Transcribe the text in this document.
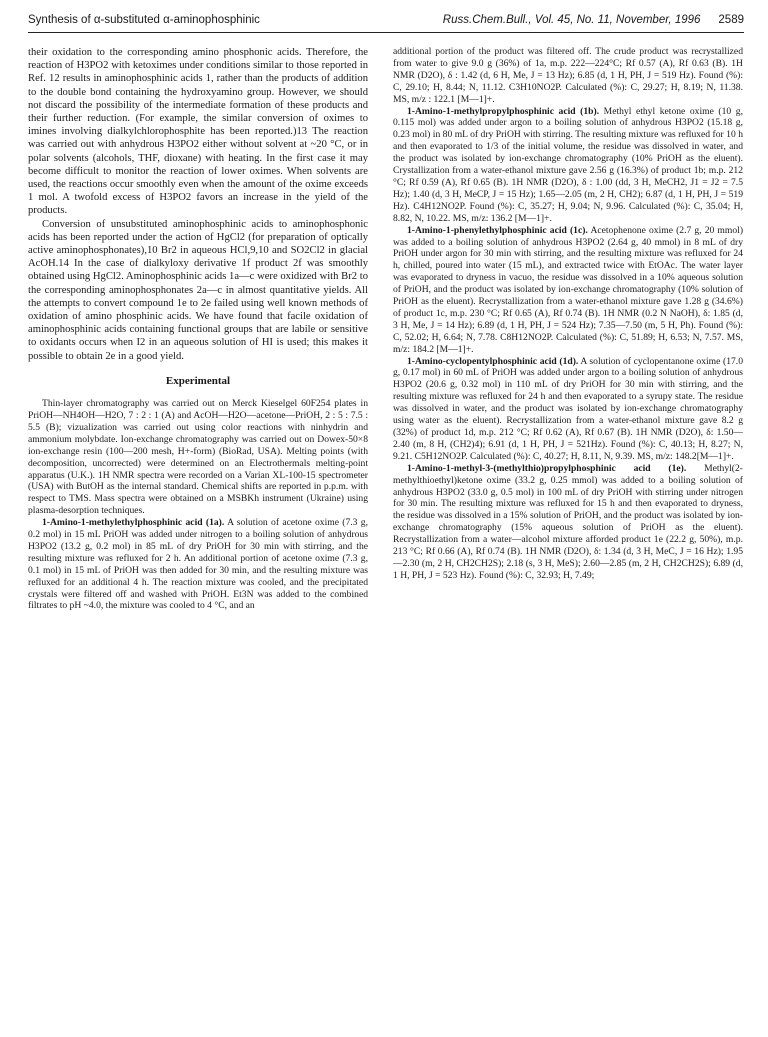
Synthesis of α-substituted α-aminophosphinic	Russ.Chem.Bull., Vol. 45, No. 11, November, 1996 2589

their oxidation to the corresponding amino phosphonic acids. Therefore, the reaction of H3PO2 with ketoximes under conditions similar to those reported in Ref. 12 results in aminophosphinic acids 1, rather than the products of addition to the double bond containing the hydroxyamino group. However, we should not discard the possibility of the intermediate formation of these products and their further reduction. (For example, the similar conversion of oximes to imines involving dialkylchlorophosphite has been reported.)13 The reaction was carried out with anhydrous H3PO2 either without solvent at ~20 °C, or in polar solvents (alcohols, THF, dioxane) with heating. In the first case it may become difficult to monitor the reaction of lower oximes. When solvents are used, the reactions occur smoothly even when the amount of the oxime exceeds 1 mol. A twofold excess of H3PO2 favors an increase in the yield of the products.

Conversion of unsubstituted aminophosphinic acids to aminophosphonic acids has been reported under the action of HgCl2 (for preparation of optically active aminophosphonates),10 Br2 in aqueous HCl,9,10 and SO2Cl2 in glacial AcOH.14 In the case of dialkyloxy derivative 1f product 2f was smoothly obtained using HgCl2. Aminophosphinic acids 1a—c were oxidized with Br2 to the corresponding aminophosphonates 2a—c in almost quantitative yields. All the attempts to convert compound 1e to 2e failed using well known methods of oxidation of amino phosphinic acids. We have found that facile oxidation of aminophosphinic acids containing functional groups that are labile or sensitive to oxidants occurs when I2 in an aqueous solution of HI is used; this makes it possible to obtain 2e in a good yield.

Experimental

Thin-layer chromatography was carried out on Merck Kieselgel 60F254 plates in PriOH—NH4OH—H2O, 7 : 2 : 1 (A) and AcOH—H2O—acetone—PriOH, 2 : 5 : 7.5 : 5.5 (B); vizualization was carried out using color reactions with ninhydrin and ammonium molybdate. Ion-exchange chromatography was carried out on Dowex-50×8 ion-exchange resin (100—200 mesh, H+-form) (BioRad, USA). Melting points (with decomposition, uncorrected) were determined on an Electrothermals melting-point apparatus (U.K.). 1H NMR spectra were recorded on a Varian XL-100-15 spectrometer (USA) with ButOH as the internal standard. Chemical shifts are reported in p.p.m. with respect to TMS. Mass spectra were obtained on a MSBKh instrument (Ukraine) using plasma-desorption techniques.

1-Amino-1-methylethylphosphinic acid (1a). A solution of acetone oxime (7.3 g, 0.2 mol) in 15 mL PriOH was added under nitrogen to a boiling solution of anhydrous H3PO2 (13.2 g, 0.2 mol) in 85 mL of dry PriOH for 30 min with stirring, and the resulting mixture was refluxed for 2 h. An additional portion of acetone oxime (7.3 g, 0.1 mol) in 15 mL of PriOH was then added for 30 min, and the resulting mixture was refluxed for an additional 4 h. The reaction mixture was cooled, and the precipitated crystals were filtered off and washed with PriOH. Et3N was added to the combined filtrates to pH ~4.0, the mixture was cooled to 4 °C, and an

additional portion of the product was filtered off. The crude product was recrystallized from water to give 9.0 g (36%) of 1a, m.p. 222—224°C; Rf 0.57 (A), Rf 0.63 (B). 1H NMR (D2O), δ : 1.42 (d, 6 H, Me, J = 13 Hz); 6.85 (d, 1 H, PH, J = 519 Hz). Found (%): C, 29.10; H, 8.44; N, 11.12. C3H10NO2P. Calculated (%): C, 29.27; H, 8.19; N, 11.38. MS, m/z : 122.1 [M—1]+.

1-Amino-1-methylpropylphosphinic acid (1b). Methyl ethyl ketone oxime (10 g, 0.115 mol) was added under argon to a boiling solution of anhydrous H3PO2 (15.18 g, 0.23 mol) in 80 mL of dry PriOH with stirring. The resulting mixture was refluxed for 10 h and then evaporated to 1/3 of the initial volume, the residue was dissolved in water, and the product was isolated by ion-exchange chromatography (10% PriOH as the eluent). Crystallization from a water-ethanol mixture gave 2.56 g (16.3%) of product 1b; m.p. 212 °C; Rf 0.59 (A), Rf 0.65 (B). 1H NMR (D2O), δ : 1.00 (dd, 3 H, MeCH2, J1 = J2 = 7.5 Hz); 1.40 (d, 3 H, MeCP, J = 15 Hz); 1.65—2.05 (m, 2 H, CH2); 6.87 (d, 1 H, PH, J = 519 Hz). C4H12NO2P. Found (%): C, 35.27; H, 9.04; N, 9.96. Calculated (%): C, 35.04; H, 8.82, N, 10.22. MS, m/z: 136.2 [M—1]+.

1-Amino-1-phenylethylphosphinic acid (1c). Acetophenone oxime (2.7 g, 20 mmol) was added to a boiling solution of anhydrous H3PO2 (2.64 g, 40 mmol) in 8 mL of dry PriOH under argon for 30 min with stirring, and the resulting mixture was refluxed for 24 h, chilled, poured into water (15 mL), and extracted twice with EtOAc. The water layer was evaporated to dryness in vacuo, the residue was dissolved in a 10% aqueous solution of PriOH, and the product was isolated by ion-exchange chromatography (10% solution of PriOH as the eluent). Recrystallization from a water-ethanol mixture gave 1.28 g (34.6%) of product 1c, m.p. 230 °C; Rf 0.65 (A), Rf 0.74 (B). 1H NMR (0.2 N NaOH), δ: 1.85 (d, 3 H, Me, J = 14 Hz); 6.89 (d, 1 H, PH, J = 524 Hz); 7.35—7.50 (m, 5 H, Ph). Found (%): C, 52.02; H, 6.64; N, 7.78. C8H12NO2P. Calculated (%): C, 51.89; H, 6.53; N, 7.57. MS, m/z: 184.2 [M—1]+.

1-Amino-cyclopentylphosphinic acid (1d). A solution of cyclopentanone oxime (17.0 g, 0.17 mol) in 60 mL of PriOH was added under argon to a boiling solution of anhydrous H3PO2 (20.6 g, 0.32 mol) in 110 mL of dry PriOH for 30 min with stirring, and the resulting mixture was refluxed for 24 h and then evaporated to a syrupy state. The residue was dissolved in water, and the product was isolated by ion-exchange chromatography using water as the eluent). Recrystallization from a water-ethanol mixture gave 8.2 g (32%) of product 1d, m.p. 212 °C; Rf 0.62 (A), Rf 0.67 (B). 1H NMR (D2O), δ: 1.50—2.40 (m, 8 H, (CH2)4); 6.91 (d, 1 H, PH, J = 521Hz). Found (%): C, 40.13; H, 8.27; N, 9.21. C5H12NO2P. Calculated (%): C, 40.27; H, 8.11, N, 9.39. MS, m/z: 148.2[M—1]+.

1-Amino-1-methyl-3-(methylthio)propylphosphinic acid (1e). Methyl(2-methylthioethyl)ketone oxime (33.2 g, 0.25 mmol) was added to a boiling solution of anhydrous H3PO2 (33.0 g, 0.5 mol) in 100 mL of dry PriOH with stirring under nitrogen for 30 min. The resulting mixture was refluxed for 15 h and then evaporated to dryness, the residue was dissolved in a 15% solution of PriOH, and the product was isolated by ion-exchange chromatography (15% aqueous solution of PriOH as the eluent). Recrystallization from a water—alcohol mixture afforded product 1e (22.2 g, 50%), m.p. 213 °C; Rf 0.66 (A), Rf 0.74 (B). 1H NMR (D2O), δ: 1.34 (d, 3 H, MeC, J = 16 Hz); 1.95—2.30 (m, 2 H, CH2CH2S); 2.18 (s, 3 H, MeS); 2.60—2.85 (m, 2 H, CH2CH2S); 6.89 (d, 1 H, PH, J = 523 Hz). Found (%): C, 32.93; H, 7.49;
